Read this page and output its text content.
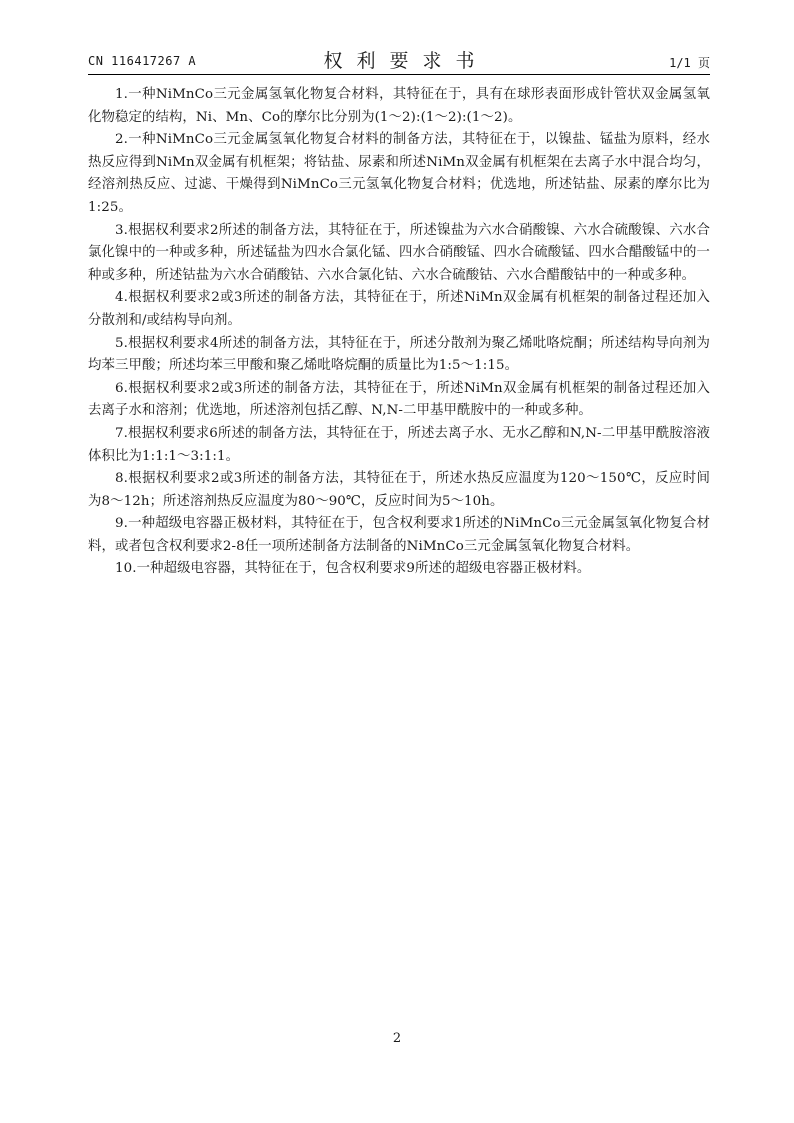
CN 116417267 A	权利要求书	1/1 页

1.一种NiMnCo三元金属氢氧化物复合材料，其特征在于，具有在球形表面形成针管状双金属氢氧化物稳定的结构，Ni、Mn、Co的摩尔比分别为(1～2):(1～2):(1～2)。

2.一种NiMnCo三元金属氢氧化物复合材料的制备方法，其特征在于，以镍盐、锰盐为原料，经水热反应得到NiMn双金属有机框架；将钴盐、尿素和所述NiMn双金属有机框架在去离子水中混合均匀，经溶剂热反应、过滤、干燥得到NiMnCo三元氢氧化物复合材料；优选地，所述钴盐、尿素的摩尔比为1:25。

3.根据权利要求2所述的制备方法，其特征在于，所述镍盐为六水合硝酸镍、六水合硫酸镍、六水合氯化镍中的一种或多种，所述锰盐为四水合氯化锰、四水合硝酸锰、四水合硫酸锰、四水合醋酸锰中的一种或多种，所述钴盐为六水合硝酸钴、六水合氯化钴、六水合硫酸钴、六水合醋酸钴中的一种或多种。

4.根据权利要求2或3所述的制备方法，其特征在于，所述NiMn双金属有机框架的制备过程还加入分散剂和/或结构导向剂。

5.根据权利要求4所述的制备方法，其特征在于，所述分散剂为聚乙烯吡咯烷酮；所述结构导向剂为均苯三甲酸；所述均苯三甲酸和聚乙烯吡咯烷酮的质量比为1:5～1:15。

6.根据权利要求2或3所述的制备方法，其特征在于，所述NiMn双金属有机框架的制备过程还加入去离子水和溶剂；优选地，所述溶剂包括乙醇、N,N-二甲基甲酰胺中的一种或多种。

7.根据权利要求6所述的制备方法，其特征在于，所述去离子水、无水乙醇和N,N-二甲基甲酰胺溶液体积比为1:1:1～3:1:1。

8.根据权利要求2或3所述的制备方法，其特征在于，所述水热反应温度为120～150℃，反应时间为8～12h；所述溶剂热反应温度为80～90℃，反应时间为5～10h。

9.一种超级电容器正极材料，其特征在于，包含权利要求1所述的NiMnCo三元金属氢氧化物复合材料，或者包含权利要求2-8任一项所述制备方法制备的NiMnCo三元金属氢氧化物复合材料。

10.一种超级电容器，其特征在于，包含权利要求9所述的超级电容器正极材料。

2
